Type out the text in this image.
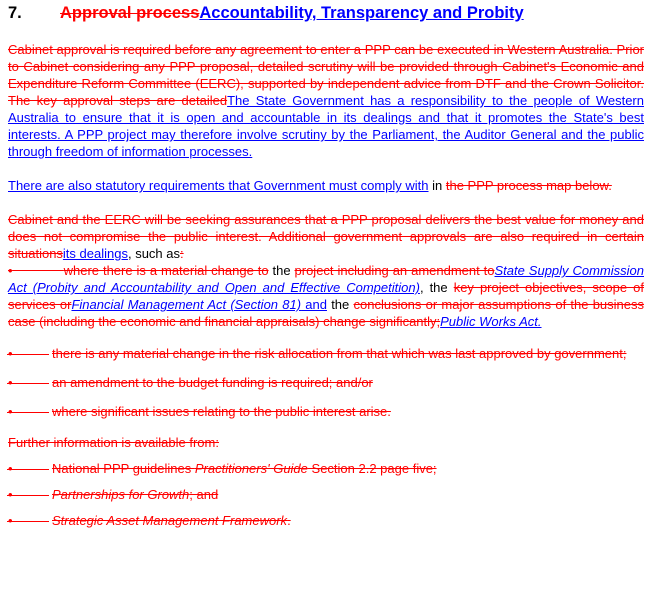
7. Approval processAccountability, Transparency and Probity

Cabinet approval is required before any agreement to enter a PPP can be executed in Western Australia. Prior to Cabinet considering any PPP proposal, detailed scrutiny will be provided through Cabinet's Economic and Expenditure Reform Committee (EERC), supported by independent advice from DTF and the Crown Solicitor. The key approval steps are detailedThe State Government has a responsibility to the people of Western Australia to ensure that it is open and accountable in its dealings and that it promotes the State's best interests. A PPP project may therefore involve scrutiny by the Parliament, the Auditor General and the public through freedom of information processes.

There are also statutory requirements that Government must comply with in the PPP process map below.

Cabinet and the EERC will be seeking assurances that a PPP proposal delivers the best value for money and does not compromise the public interest. Additional government approvals are also required in certain situationsits dealings, such as:

•	where there is a material change to the project including an amendment toState Supply Commission Act (Probity and Accountability and Open and Effective Competition), the key project objectives, scope of services orFinancial Management Act (Section 81) and the conclusions or major assumptions of the business case (including the economic and financial appraisals) change significantly;Public Works Act.

•	there is any material change in the risk allocation from that which was last approved by government;
•	an amendment to the budget funding is required; and/or
•	where significant issues relating to the public interest arise.

Further information is available from:

•	National PPP guidelines Practitioners' Guide Section 2.2 page five;
•	Partnerships for Growth; and
•	Strategic Asset Management Framework.
